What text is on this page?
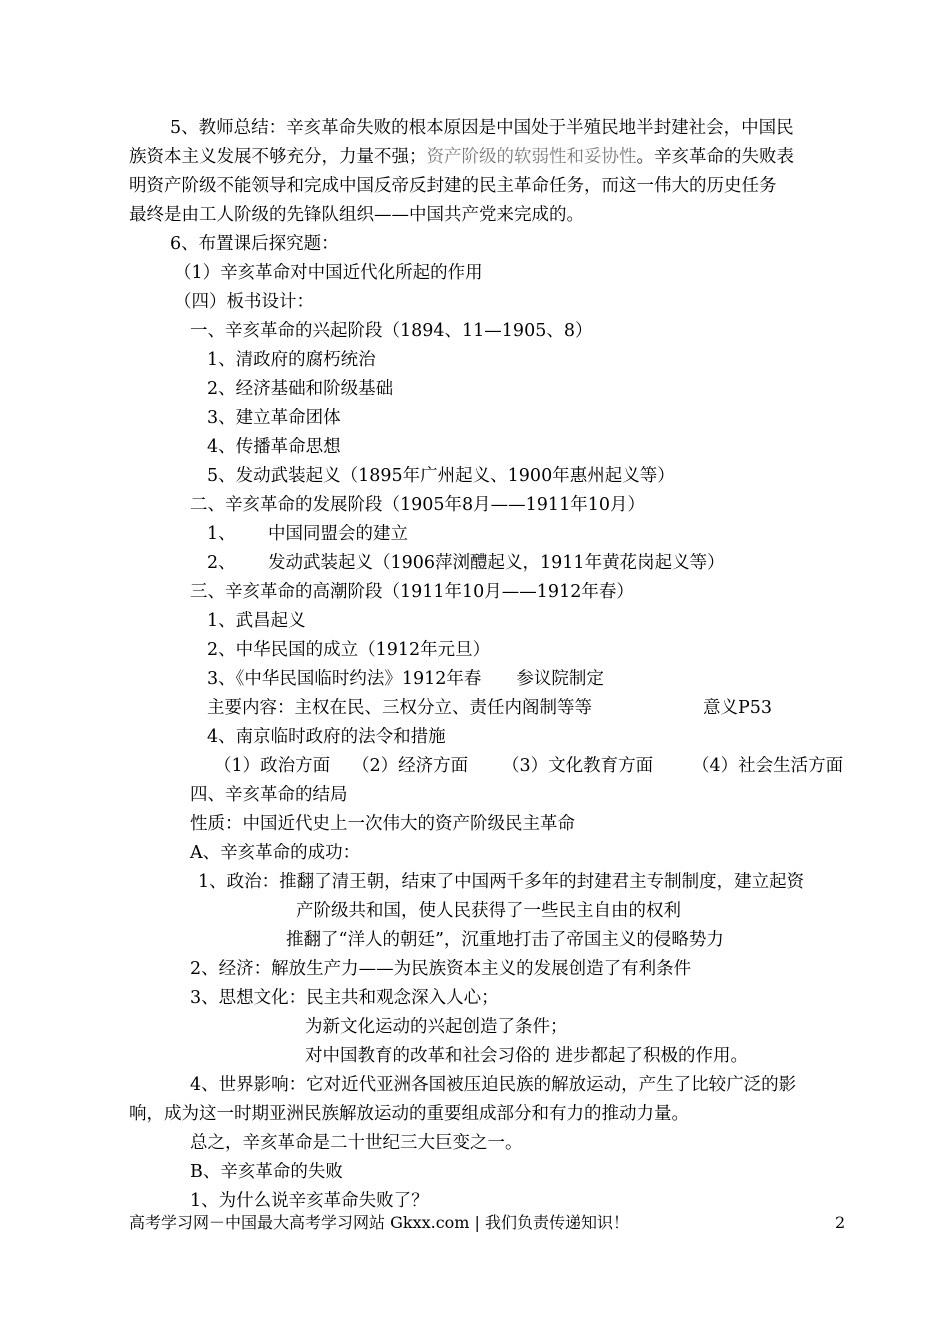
5、教师总结：辛亥革命失败的根本原因是中国处于半殖民地半封建社会，中国民
族资本主义发展不够充分，力量不强；资产阶级的软弱性和妥协性。辛亥革命的失败表
明资产阶级不能领导和完成中国反帝反封建的民主革命任务，而这一伟大的历史任务
最终是由工人阶级的先锋队组织——中国共产党来完成的。
6、布置课后探究题：
（1）辛亥革命对中国近代化所起的作用
（四）板书设计：
一、辛亥革命的兴起阶段（1894、11—1905、8）
1、清政府的腐朽统治
2、经济基础和阶级基础
3、建立革命团体
4、传播革命思想
5、发动武装起义（1895年广州起义、1900年惠州起义等）
二、辛亥革命的发展阶段（1905年8月——1911年10月）
1、 中国同盟会的建立
2、 发动武装起义（1906萍浏醴起义，1911年黄花岗起义等）
三、辛亥革命的高潮阶段（1911年10月——1912年春）
1、武昌起义
2、中华民国的成立（1912年元旦）
3、《中华民国临时约法》1912年春　　参议院制定
主要内容：主权在民、三权分立、责任内阁制等等	意义P53
4、南京临时政府的法令和措施
（1）政治方面 （2）经济方面 （3）文化教育方面 （4）社会生活方面
四、辛亥革命的结局
性质：中国近代史上一次伟大的资产阶级民主革命
A、辛亥革命的成功：
1、政治：推翻了清王朝，结束了中国两千多年的封建君主专制制度，建立起资
产阶级共和国，使人民获得了一些民主自由的权利
推翻了“洋人的朝廷”，沉重地打击了帝国主义的侵略势力
2、经济：解放生产力——为民族资本主义的发展创造了有利条件
3、思想文化：民主共和观念深入人心；
为新文化运动的兴起创造了条件；
对中国教育的改革和社会习俗的 进步都起了积极的作用。
4、世界影响：它对近代亚洲各国被压迫民族的解放运动，产生了比较广泛的影
响，成为这一时期亚洲民族解放运动的重要组成部分和有力的推动力量。
总之，辛亥革命是二十世纪三大巨变之一。
B、辛亥革命的失败
1、为什么说辛亥革命失败了？
高考学习网－中国最大高考学习网站 Gkxx.com | 我们负责传递知识！	2
